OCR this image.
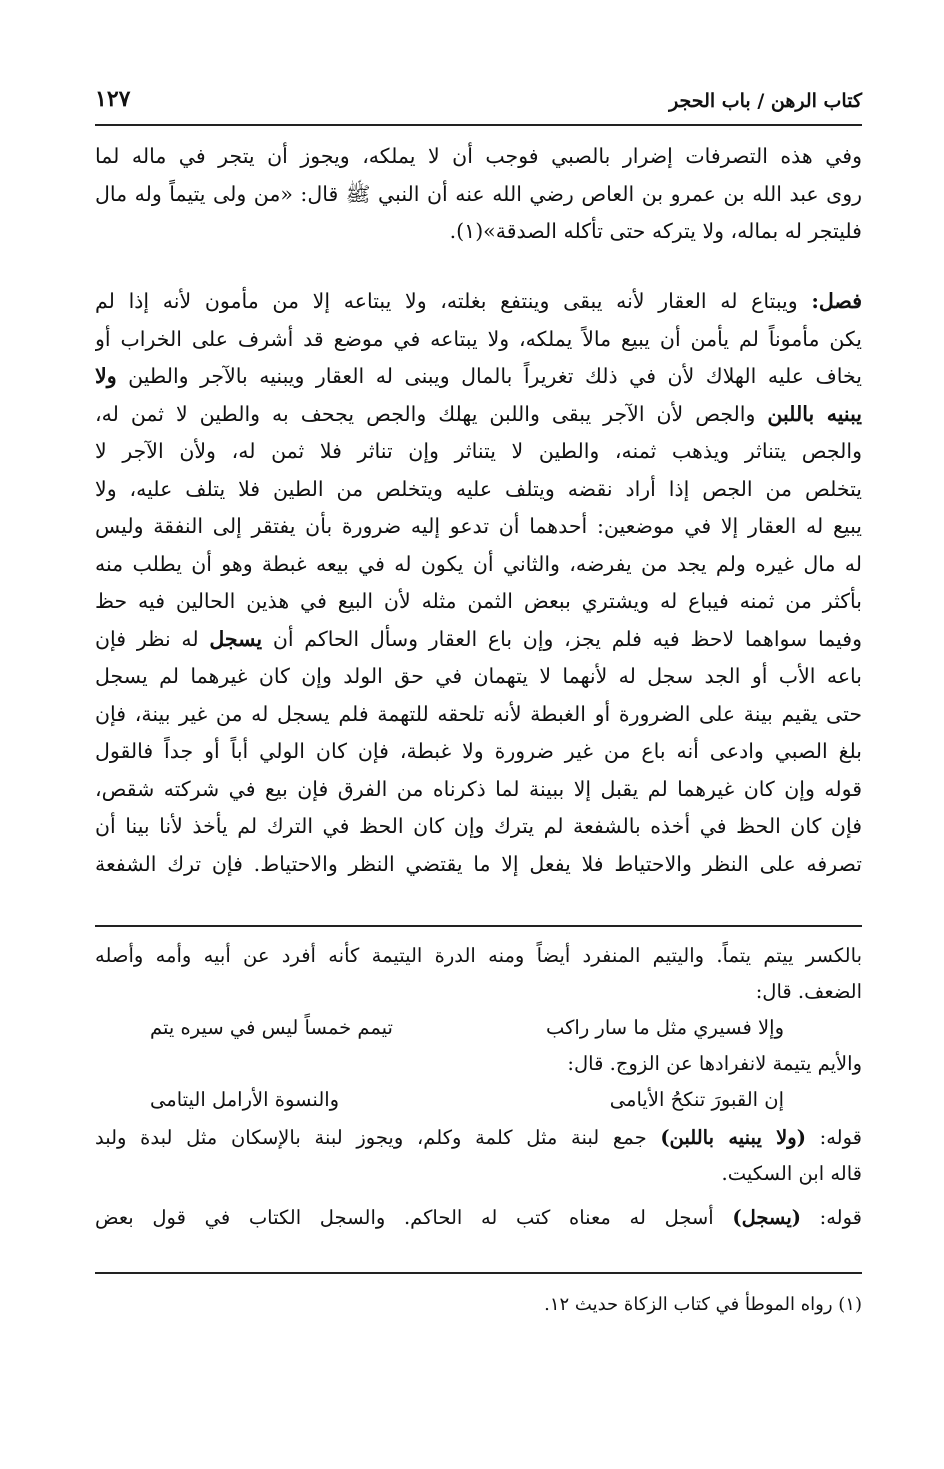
كتاب الرهن / باب الحجر
١٢٧
وفي هذه التصرفات إضرار بالصبي فوجب أن لا يملكه، ويجوز أن يتجر في ماله لما
روى عبد الله بن عمرو بن العاص رضي الله عنه أن النبي ﷺ قال: «من ولى يتيماً وله مال
فليتجر له بماله، ولا يتركه حتى تأكله الصدقة»(١).
فصل: ويبتاع له العقار لأنه يبقى وينتفع بغلته، ولا يبتاعه إلا من مأمون لأنه إذا لم
يكن مأموناً لم يأمن أن يبيع مالاً يملكه، ولا يبتاعه في موضع قد أشرف على الخراب أو
يخاف عليه الهلاك لأن في ذلك تغريراً بالمال ويبنى له العقار ويبنيه بالآجر والطين ولا
يبنيه باللبن والجص لأن الآجر يبقى واللبن يهلك والجص يجحف به والطين لا ثمن له،
والجص يتناثر ويذهب ثمنه، والطين لا يتناثر وإن تناثر فلا ثمن له، ولأن الآجر لا
يتخلص من الجص إذا أراد نقضه ويتلف عليه ويتخلص من الطين فلا يتلف عليه، ولا
يبيع له العقار إلا في موضعين: أحدهما أن تدعو إليه ضرورة بأن يفتقر إلى النفقة وليس
له مال غيره ولم يجد من يفرضه، والثاني أن يكون له في بيعه غبطة وهو أن يطلب منه
بأكثر من ثمنه فيباع له ويشتري ببعض الثمن مثله لأن البيع في هذين الحالين فيه حظ
وفيما سواهما لاحظ فيه فلم يجز، وإن باع العقار وسأل الحاكم أن يسجل له نظر فإن
باعه الأب أو الجد سجل له لأنهما لا يتهمان في حق الولد وإن كان غيرهما لم يسجل
حتى يقيم بينة على الضرورة أو الغبطة لأنه تلحقه للتهمة فلم يسجل له من غير بينة، فإن
بلغ الصبي وادعى أنه باع من غير ضرورة ولا غبطة، فإن كان الولي أباً أو جداً فالقول
قوله وإن كان غيرهما لم يقبل إلا ببينة لما ذكرناه من الفرق فإن بيع في شركته شقص،
فإن كان الحظ في أخذه بالشفعة لم يترك وإن كان الحظ في الترك لم يأخذ لأنا بينا أن
تصرفه على النظر والاحتياط فلا يفعل إلا ما يقتضي النظر والاحتياط. فإن ترك الشفعة
بالكسر ييتم يتماً. واليتيم المنفرد أيضاً ومنه الدرة اليتيمة كأنه أفرد عن أبيه وأمه وأصله
الضعف. قال:
وإلا فسيري مثل ما سار راكب
تيمم خمساً ليس في سيره يتم
والأيم يتيمة لانفرادها عن الزوج. قال:
إن القبورَ تنكحُ الأيامى
والنسوة الأرامل اليتامى
قوله: (ولا يبنيه باللبن) جمع لبنة مثل كلمة وكلم، ويجوز لبنة بالإسكان مثل لبدة ولبد
قاله ابن السكيت.
قوله: (يسجل) أسجل له معناه كتب له الحاكم. والسجل الكتاب في قول بعض
(١) رواه الموطأ في كتاب الزكاة حديث ١٢.
